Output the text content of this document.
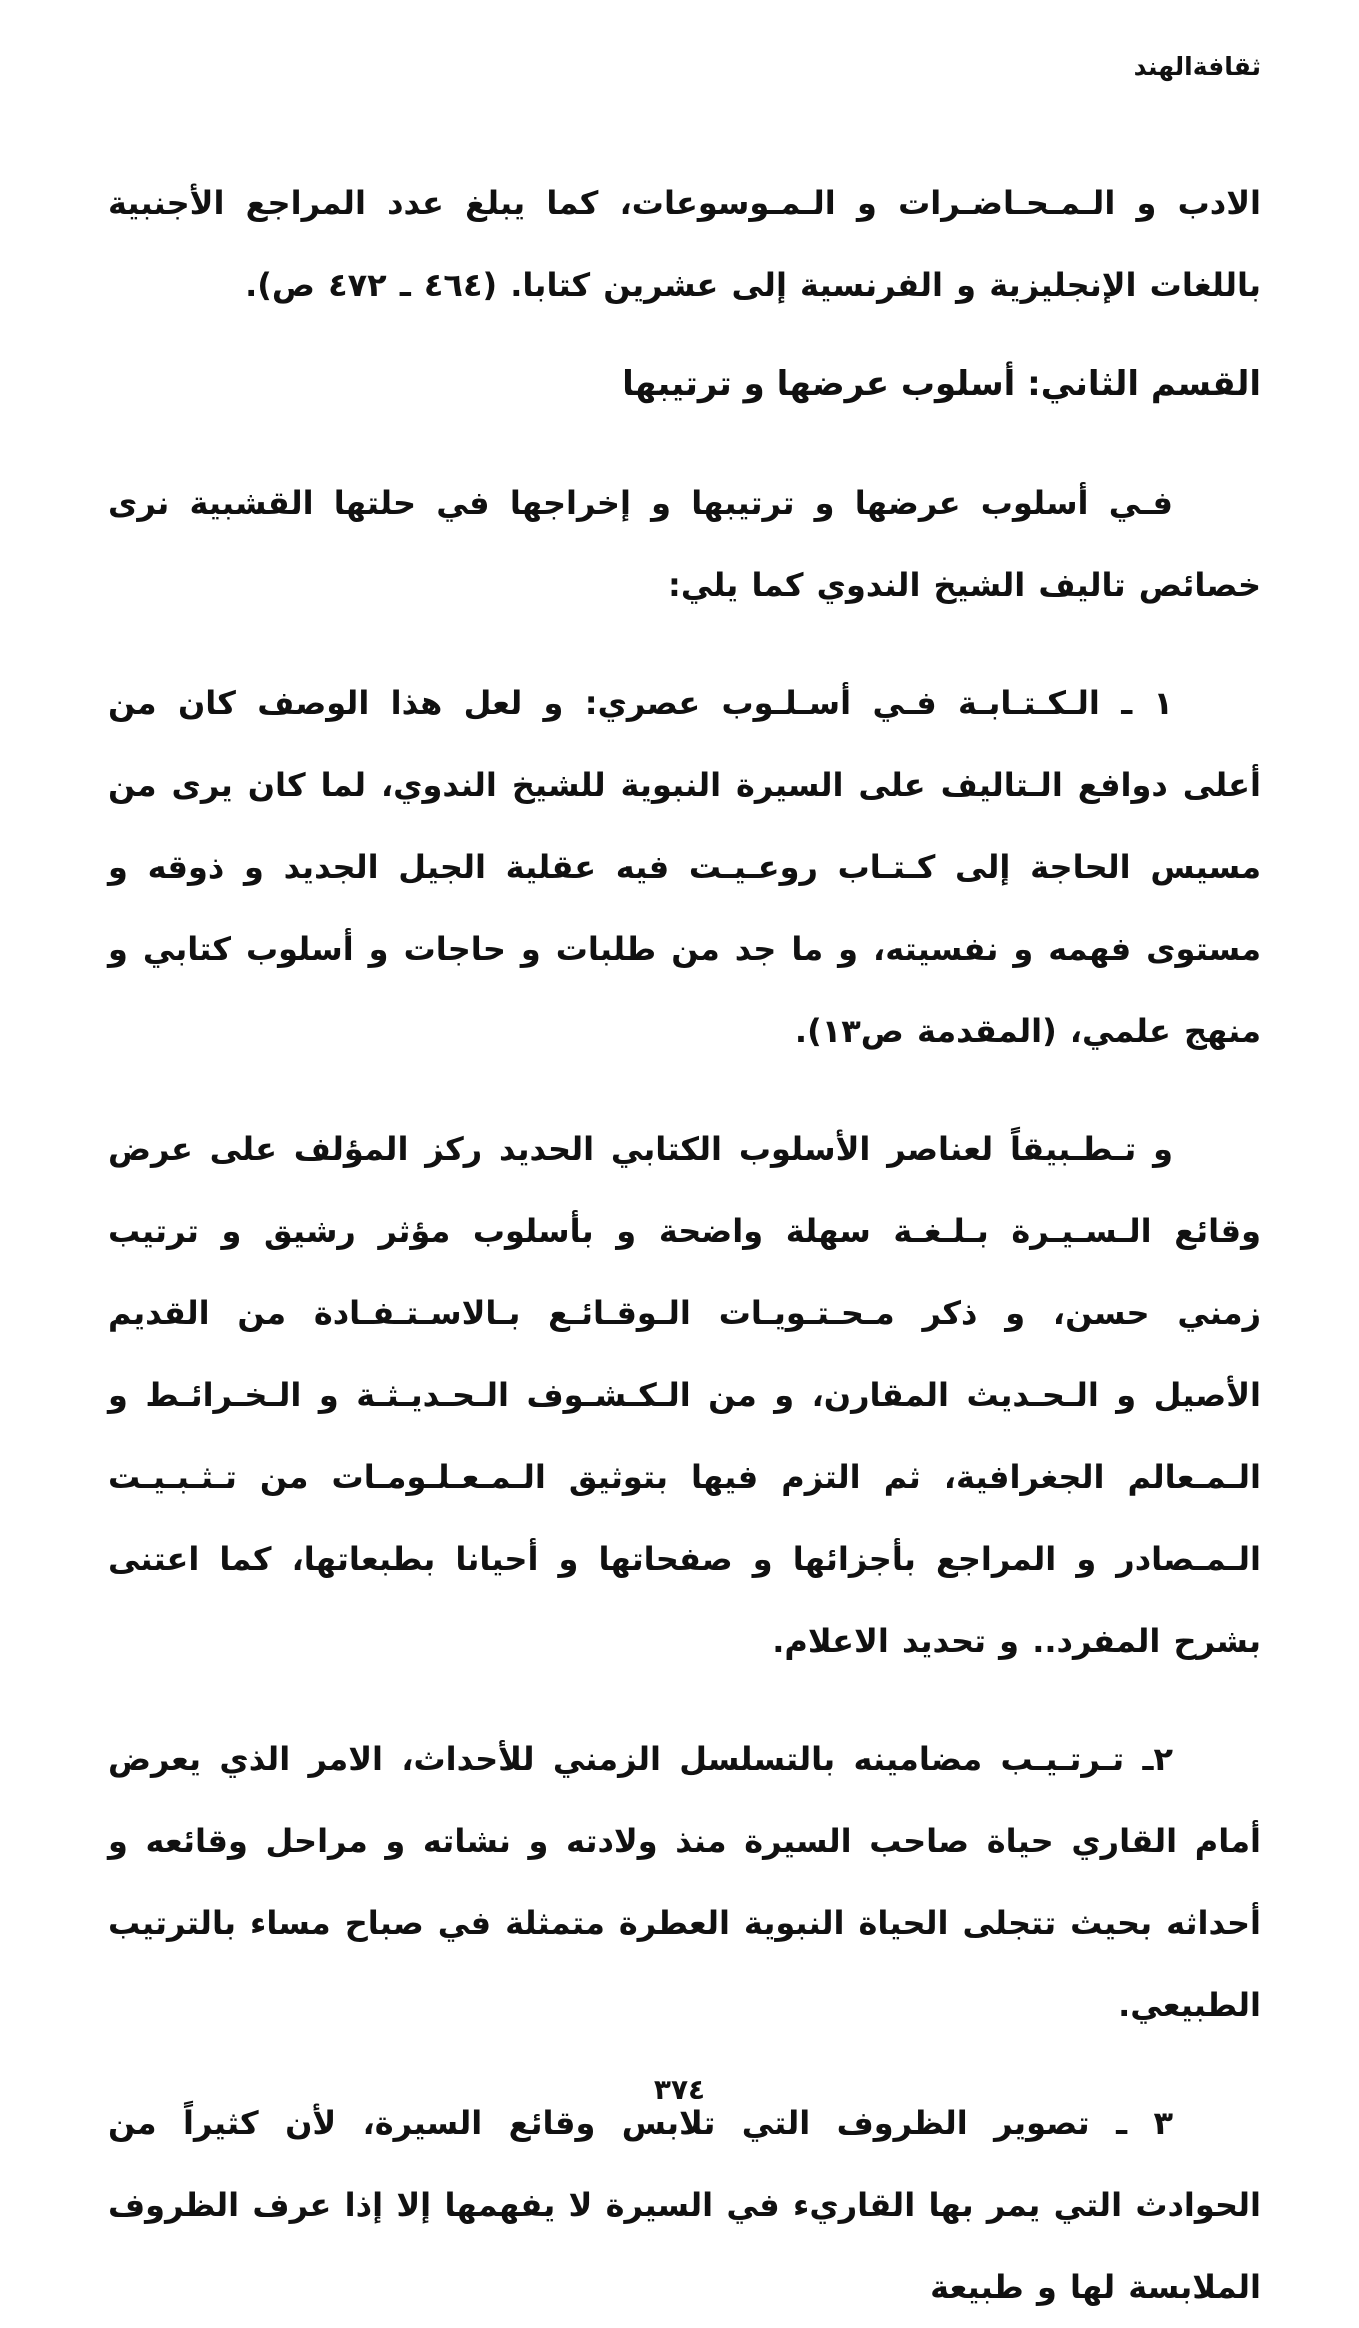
ثقافةالهند

الادب و الـمـحـاضـرات و الـمـوسوعات، كما يبلغ عدد المراجع الأجنبية باللغات الإنجليزية و الفرنسية إلى عشرين كتابا. (٤٦٤ ـ ٤٧٢ ص).

القسم الثاني: أسلوب عرضها و ترتيبها

فـي أسلوب عرضها و ترتيبها و إخراجها في حلتها القشبية نرى خصائص تاليف الشيخ الندوي كما يلي:

١ ـ الـكـتـابـة فـي أسـلـوب عصري: و لعل هذا الوصف كان من أعلى دوافع الـتاليف على السيرة النبوية للشيخ الندوي، لما كان يرى من مسيس الحاجة إلى كـتـاب روعـيـت فيه عقلية الجيل الجديد و ذوقه و مستوى فهمه و نفسيته، و ما جد من طلبات و حاجات و أسلوب كتابي و منهج علمي، (المقدمة ص١٣).

و تـطـبيقاً لعناصر الأسلوب الكتابي الحديد ركز المؤلف على عرض وقائع الـسـيـرة بـلـغـة سهلة واضحة و بأسلوب مؤثر رشيق و ترتيب زمني حسن، و ذكر مـحـتـويـات الـوقـائـع بـالاسـتـفـادة من القديم الأصيل و الـحـديث المقارن، و من الـكـشـوف الـحـديـثـة و الـخـرائـط و الـمـعالم الجغرافية، ثم التزم فيها بتوثيق الـمـعـلـومـات من تـثـبـيـت الـمـصادر و المراجع بأجزائها و صفحاتها و أحيانا بطبعاتها، كما اعتنى بشرح المفرد.. و تحديد الاعلام.

٢ـ تـرتـيـب مضامينه بالتسلسل الزمني للأحداث، الامر الذي يعرض أمام القاري حياة صاحب السيرة منذ ولادته و نشاته و مراحل وقائعه و أحداثه بحيث تتجلى الحياة النبوية العطرة متمثلة في صباح مساء بالترتيب الطبيعي.

٣ ـ تصوير الظروف التي تلابس وقائع السيرة، لأن كثيراً من الحوادث التي يمر بها القاريء في السيرة لا يفهمها إلا إذا عرف الظروف الملابسة لها و طبيعة

٣٧٤
